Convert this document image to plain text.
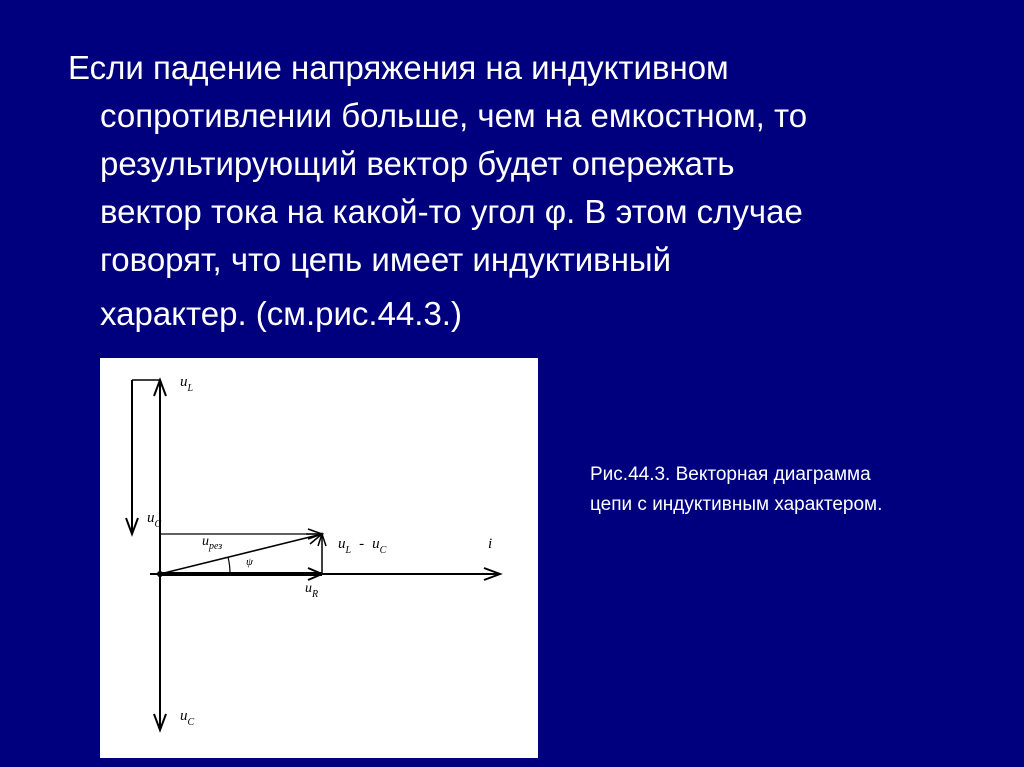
Если падение напряжения на индуктивном

сопротивлении больше, чем на емкостном, то

результирующий вектор будет опережать

вектор тока на какой-то угол φ. В этом случае

говорят, что цепь имеет индуктивный

характер. (см.рис.44.3.)

$u_L$
$u_C$
$u_{рез}$
ψ
$u_L - u_C$	i
$u_R$
$u_C$
Рис.44.3. Векторная диаграмма
цепи с индуктивным характером.
